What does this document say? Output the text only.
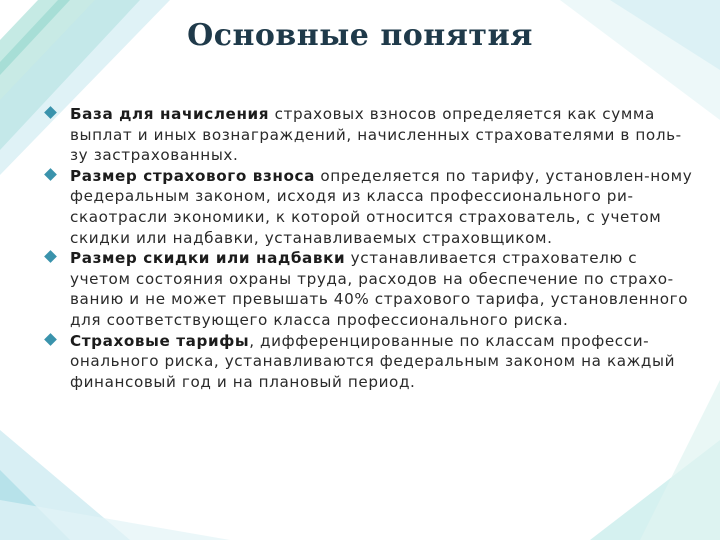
Основные понятия

База для начисления страховых взносов определяется как сумма выплат и иных вознаграждений, начисленных страхователями в поль-зу застрахованных.

Размер страхового взноса определяется по тарифу, установлен-ному федеральным законом, исходя из класса профессионального ри-скаотрасли экономики, к которой относится страхователь, с учетом скидки или надбавки, устанавливаемых страховщиком.

Размер скидки или надбавки устанавливается страхователю с учетом состояния охраны труда, расходов на обеспечение по страхо-ванию и не может превышать 40% страхового тарифа, установленного для соответствующего класса профессионального риска.

Страховые тарифы, дифференцированные по классам професси-онального риска, устанавливаются федеральным законом на каждый финансовый год и на плановый период.
